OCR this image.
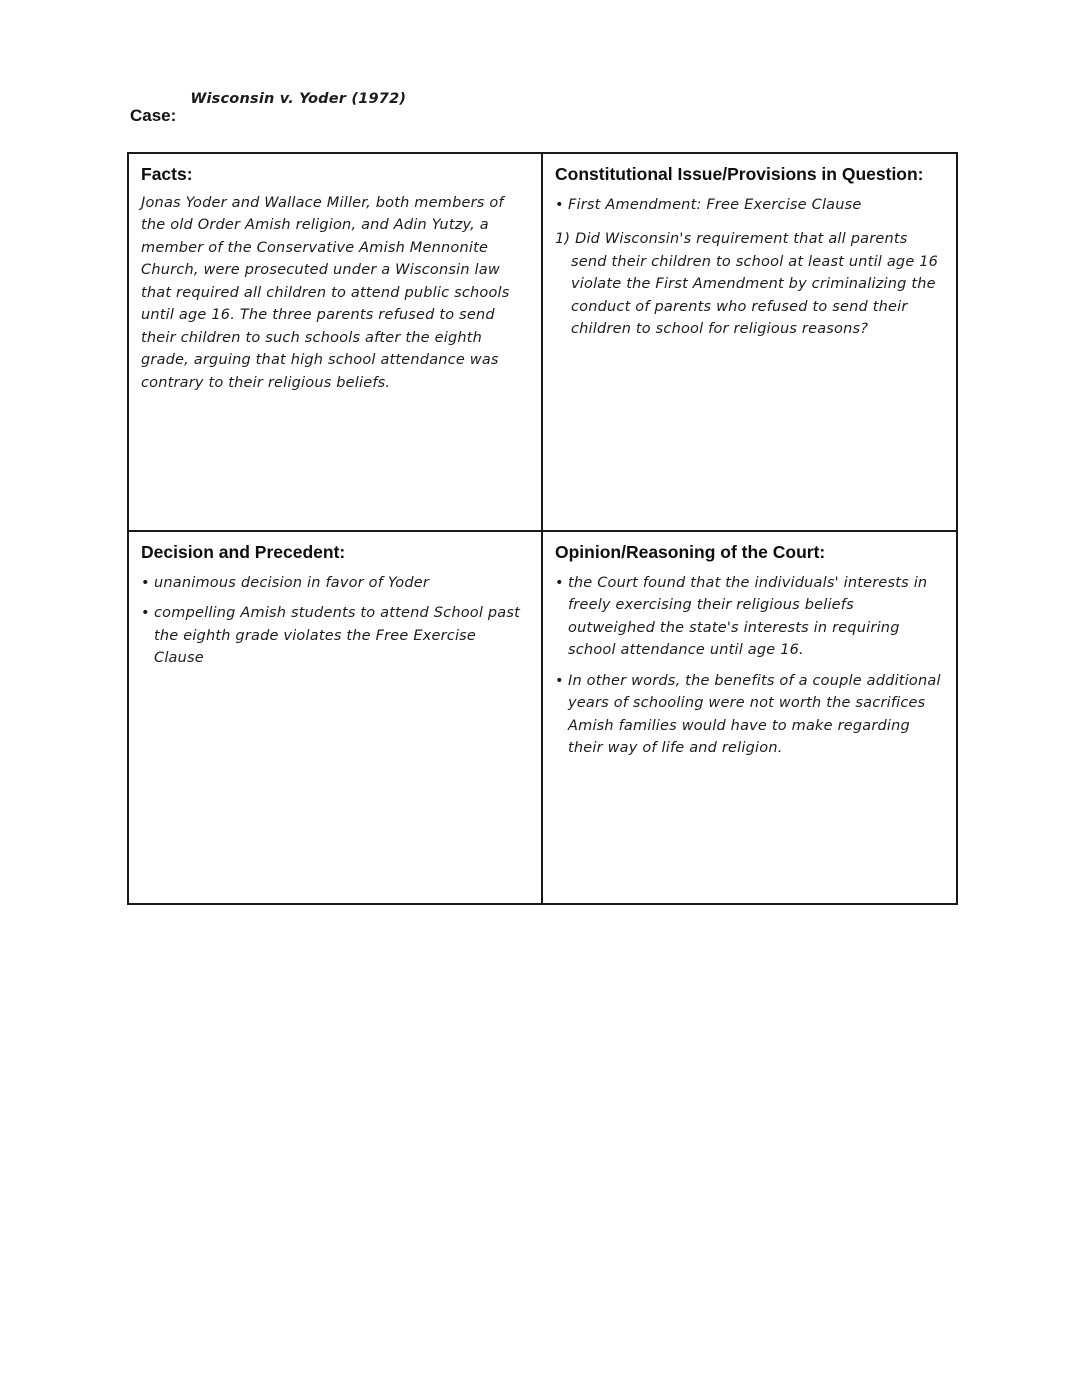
Case:
Wisconsin v. Yoder (1972)
Facts:
Jonas Yoder and Wallace Miller, both members of the old Order Amish religion, and Adin Yutzy, a member of the Conservative Amish Mennonite Church, were prosecuted under a Wisconsin law that required all children to attend public schools until age 16. The three parents refused to send their children to such schools after the eighth grade, arguing that high school attendance was contrary to their religious beliefs.
Constitutional Issue/Provisions in Question:
• First Amendment: Free Exercise Clause
1) Did Wisconsin's requirement that all parents send their children to school at least until age 16 violate the First Amendment by criminalizing the conduct of parents who refused to send their children to school for religious reasons?
Decision and Precedent:
• unanimous decision in favor of Yoder
• compelling Amish students to attend School past the eighth grade violates the Free Exercise Clause
Opinion/Reasoning of the Court:
• the Court found that the individuals' interests in freely exercising their religious beliefs outweighed the state's interests in requiring school attendance until age 16.
• In other words, the benefits of a couple additional years of schooling were not worth the sacrifices Amish families would have to make regarding their way of life and religion.
